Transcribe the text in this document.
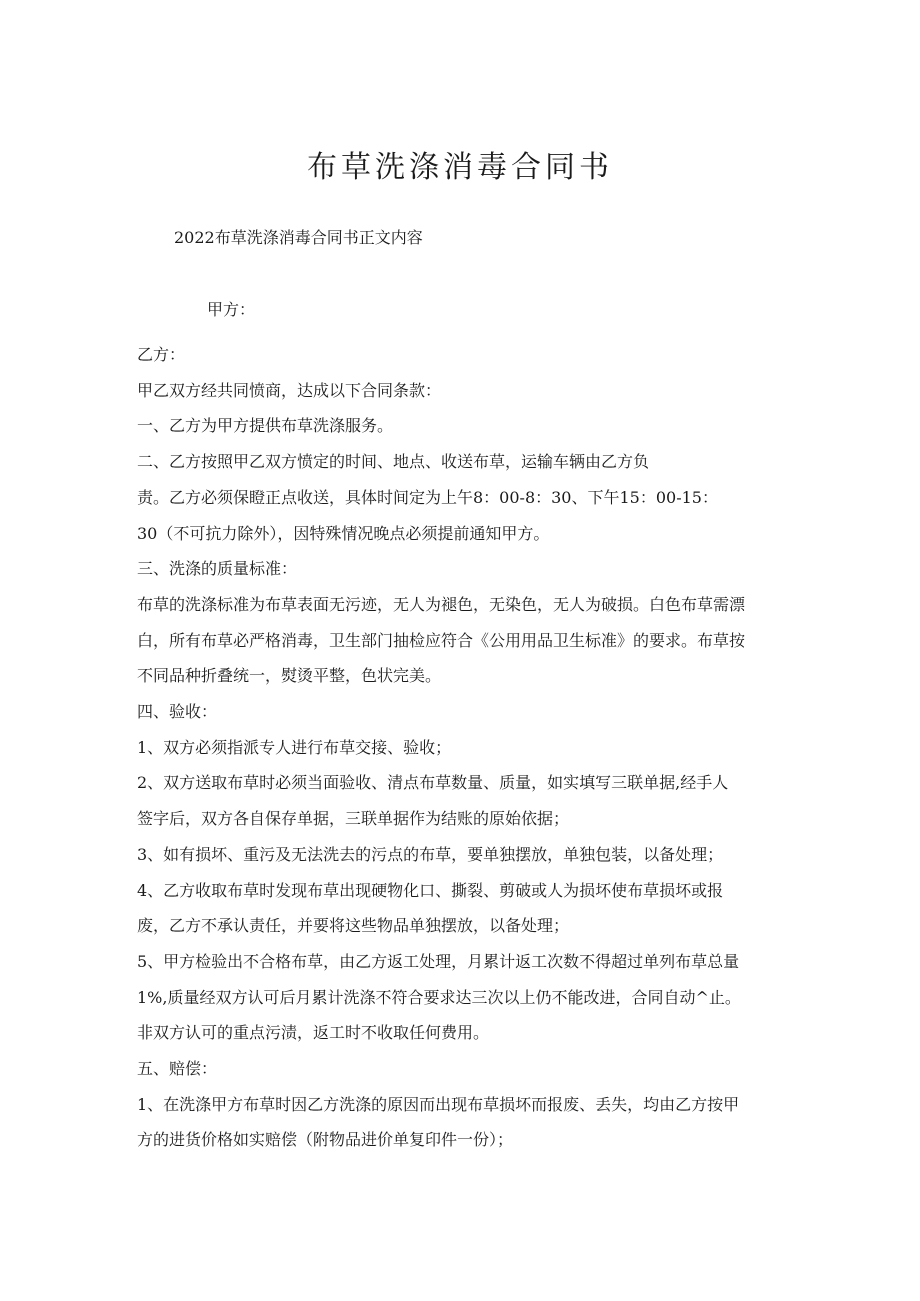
布草洗涤消毒合同书

2022布草洗涤消毒合同书正文内容

甲方：

乙方：

甲乙双方经共同愤商，达成以下合同条款：

一、乙方为甲方提供布草洗涤服务。

二、乙方按照甲乙双方愤定的时间、地点、收送布草，运输车辆由乙方负

责。乙方必须保瞪正点收送，具体时间定为上午8：00-8：30、下午15：00-15：

30（不可抗力除外），因特殊情况晚点必须提前通知甲方。

三、洗涤的质量标准：

布草的洗涤标准为布草表面无污迹，无人为褪色，无染色，无人为破损。白色布草需漂

白，所有布草必严格消毒，卫生部门抽检应符合《公用用品卫生标准》的要求。布草按

不同品种折叠统一，熨烫平整，色状完美。

四、验收：

1、双方必须指派专人进行布草交接、验收；

2、双方送取布草时必须当面验收、清点布草数量、质量，如实填写三联单据,经手人

签字后，双方各自保存单据，三联单据作为结账的原始依据；

3、如有损坏、重污及无法洗去的污点的布草，要单独摆放，单独包装，以备处理；

4、乙方收取布草时发现布草出现硬物化口、撕裂、剪破或人为损坏使布草损坏或报

废，乙方不承认责任，并要将这些物品单独摆放，以备处理；

5、甲方检验出不合格布草，由乙方返工处理，月累计返工次数不得超过单列布草总量

1%,质量经双方认可后月累计洗涤不符合要求达三次以上仍不能改进，合同自动^止。

非双方认可的重点污渍，返工时不收取任何费用。

五、赔偿：

1、在洗涤甲方布草时因乙方洗涤的原因而出现布草损坏而报废、丢失，均由乙方按甲

方的进货价格如实赔偿（附物品进价单复印件一份）；
